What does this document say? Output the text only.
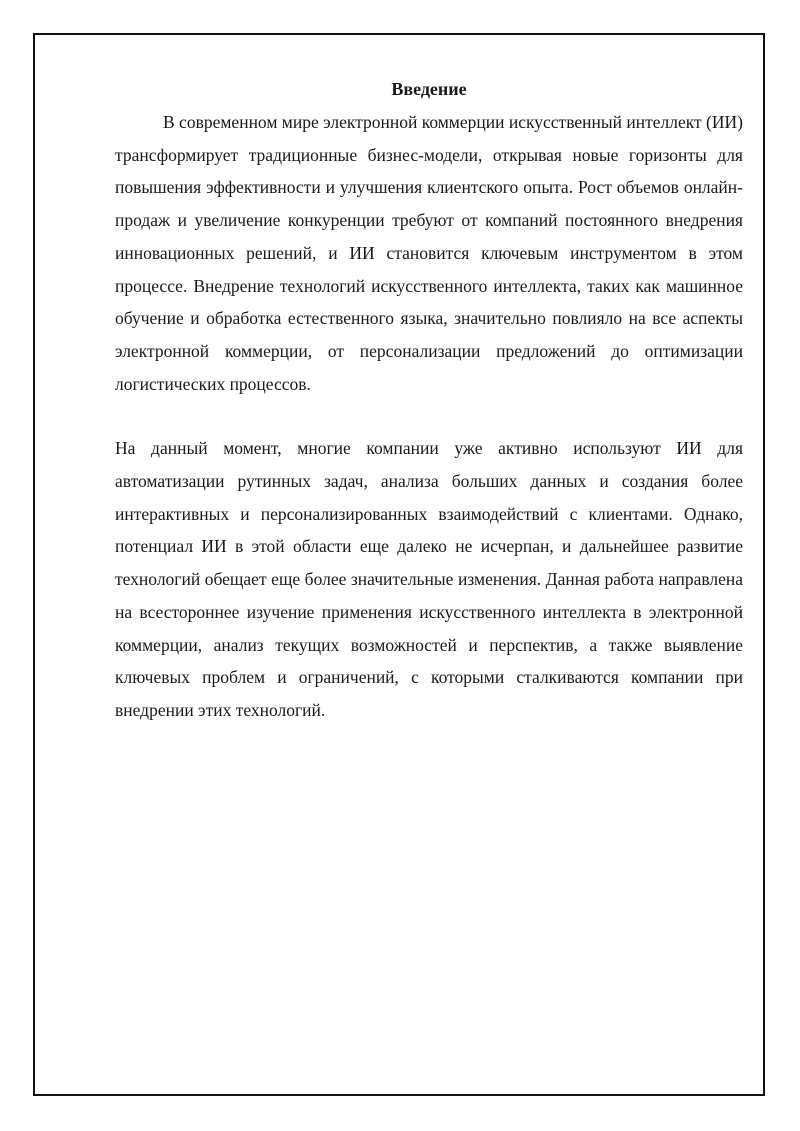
Введение

В современном мире электронной коммерции искусственный интеллект (ИИ) трансформирует традиционные бизнес-модели, открывая новые горизонты для повышения эффективности и улучшения клиентского опыта. Рост объемов онлайн-продаж и увеличение конкуренции требуют от компаний постоянного внедрения инновационных решений, и ИИ становится ключевым инструментом в этом процессе. Внедрение технологий искусственного интеллекта, таких как машинное обучение и обработка естественного языка, значительно повлияло на все аспекты электронной коммерции, от персонализации предложений до оптимизации логистических процессов.

На данный момент, многие компании уже активно используют ИИ для автоматизации рутинных задач, анализа больших данных и создания более интерактивных и персонализированных взаимодействий с клиентами. Однако, потенциал ИИ в этой области еще далеко не исчерпан, и дальнейшее развитие технологий обещает еще более значительные изменения. Данная работа направлена на всестороннее изучение применения искусственного интеллекта в электронной коммерции, анализ текущих возможностей и перспектив, а также выявление ключевых проблем и ограничений, с которыми сталкиваются компании при внедрении этих технологий.
